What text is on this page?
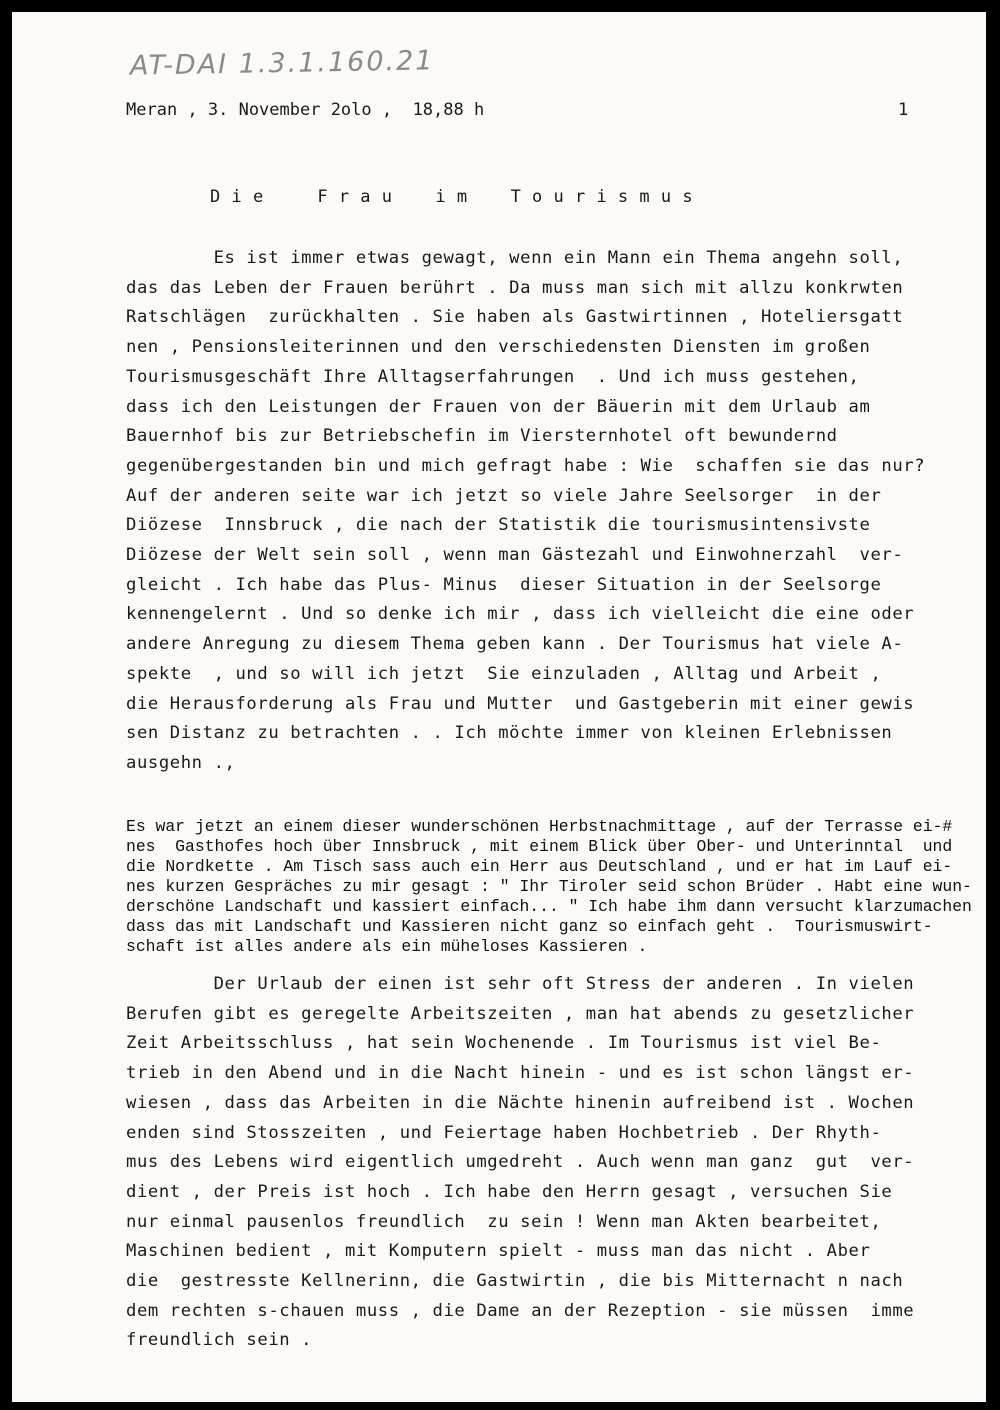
AT-DAI 1.3.1.160.21
Meran , 3. November 2olo ,  18,88 h	1
D i e     F r a u    i m    T o u r i s m u s
Es ist immer etwas gewagt, wenn ein Mann ein Thema angehn soll,
das das Leben der Frauen berührt . Da muss man sich mit allzu konkrwten
Ratschlägen  zurückhalten . Sie haben als Gastwirtinnen , Hoteliersgatt
nen , Pensionsleiterinnen und den verschiedensten Diensten im großen
Tourismusgeschäft Ihre Alltagserfahrungen  . Und ich muss gestehen,
dass ich den Leistungen der Frauen von der Bäuerin mit dem Urlaub am
Bauernhof bis zur Betriebschefin im Viersternhotel oft bewundernd
gegenübergestanden bin und mich gefragt habe : Wie  schaffen sie das nur?
Auf der anderen seite war ich jetzt so viele Jahre Seelsorger  in der
Diözese  Innsbruck , die nach der Statistik die tourismusintensivste
Diözese der Welt sein soll , wenn man Gästezahl und Einwohnerzahl  ver-
gleicht . Ich habe das Plus- Minus  dieser Situation in der Seelsorge
kennengelernt . Und so denke ich mir , dass ich vielleicht die eine oder
andere Anregung zu diesem Thema geben kann . Der Tourismus hat viele A-
spekte  , und so will ich jetzt  Sie einzuladen , Alltag und Arbeit ,
die Herausforderung als Frau und Mutter  und Gastgeberin mit einer gewis
sen Distanz zu betrachten . . Ich möchte immer von kleinen Erlebnissen
ausgehn .,
Es war jetzt an einem dieser wunderschönen Herbstnachmittage , auf der Terrasse ei-#
nes  Gasthofes hoch über Innsbruck , mit einem Blick über Ober- und Unterinntal  und
die Nordkette . Am Tisch sass auch ein Herr aus Deutschland , und er hat im Lauf ei-
nes kurzen Gespräches zu mir gesagt : " Ihr Tiroler seid schon Brüder . Habt eine wun-
derschöne Landschaft und kassiert einfach... " Ich habe ihm dann versucht klarzumachen
dass das mit Landschaft und Kassieren nicht ganz so einfach geht .  Tourismuswirt-
schaft ist alles andere als ein müheloses Kassieren .
Der Urlaub der einen ist sehr oft Stress der anderen . In vielen
Berufen gibt es geregelte Arbeitszeiten , man hat abends zu gesetzlicher
Zeit Arbeitsschluss , hat sein Wochenende . Im Tourismus ist viel Be-
trieb in den Abend und in die Nacht hinein - und es ist schon längst er-
wiesen , dass das Arbeiten in die Nächte hinenin aufreibend ist . Wochen
enden sind Stosszeiten , und Feiertage haben Hochbetrieb . Der Rhyth-
mus des Lebens wird eigentlich umgedreht . Auch wenn man ganz  gut  ver-
dient , der Preis ist hoch . Ich habe den Herrn gesagt , versuchen Sie
nur einmal pausenlos freundlich  zu sein ! Wenn man Akten bearbeitet,
Maschinen bedient , mit Komputern spielt - muss man das nicht . Aber
die  gestresste Kellnerinn, die Gastwirtin , die bis Mitternacht n nach
dem rechten s-chauen muss , die Dame an der Rezeption - sie müssen  imme
freundlich sein .
